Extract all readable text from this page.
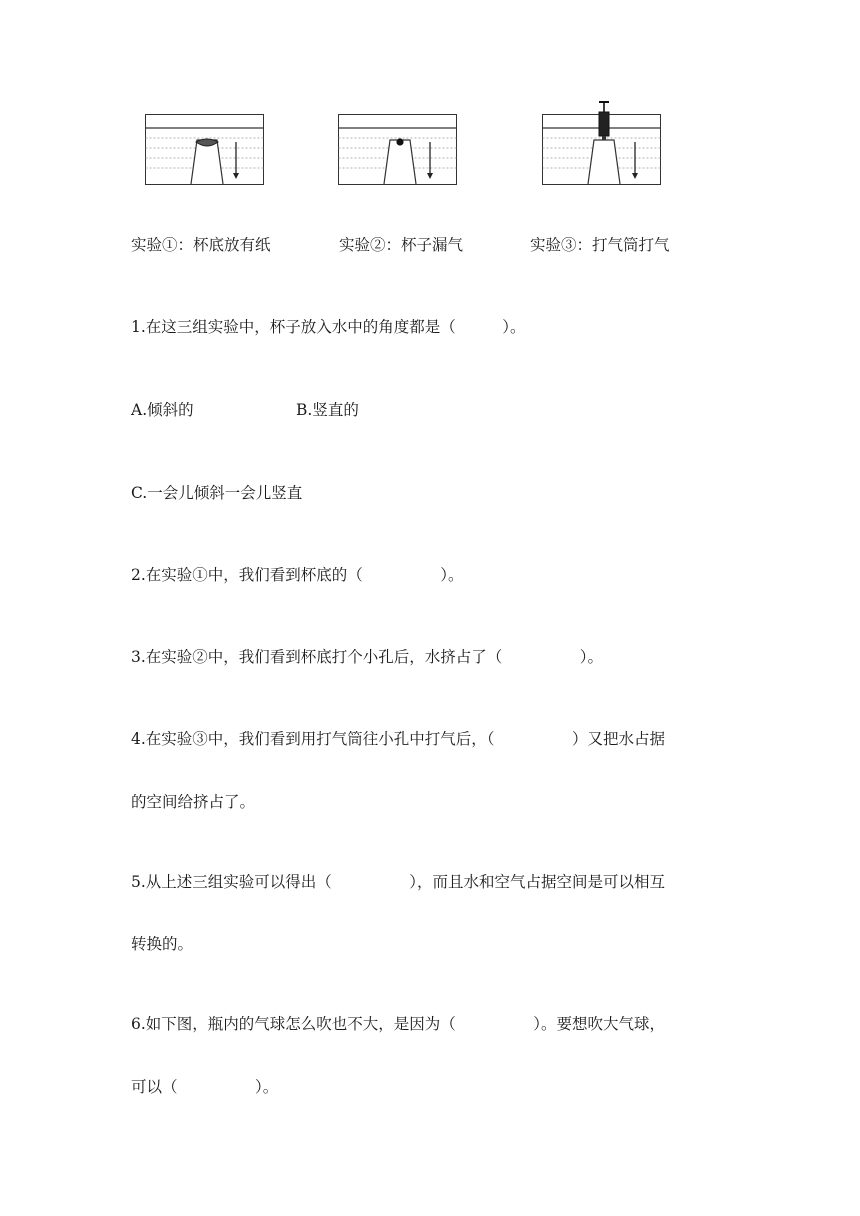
实验①：杯底放有纸	实验②：杯子漏气	实验③：打气筒打气
1.在这三组实验中，杯子放入水中的角度都是（　　　）。
A.倾斜的	B.竖直的
C.一会儿倾斜一会儿竖直
2.在实验①中，我们看到杯底的（　　　　　）。
3.在实验②中，我们看到杯底打个小孔后，水挤占了（　　　　　）。
4.在实验③中，我们看到用打气筒往小孔中打气后，（　　　　　）又把水占据
的空间给挤占了。
5.从上述三组实验可以得出（　　　　　），而且水和空气占据空间是可以相互
转换的。
6.如下图，瓶内的气球怎么吹也不大，是因为（　　　　　）。要想吹大气球，
可以（　　　　　）。
